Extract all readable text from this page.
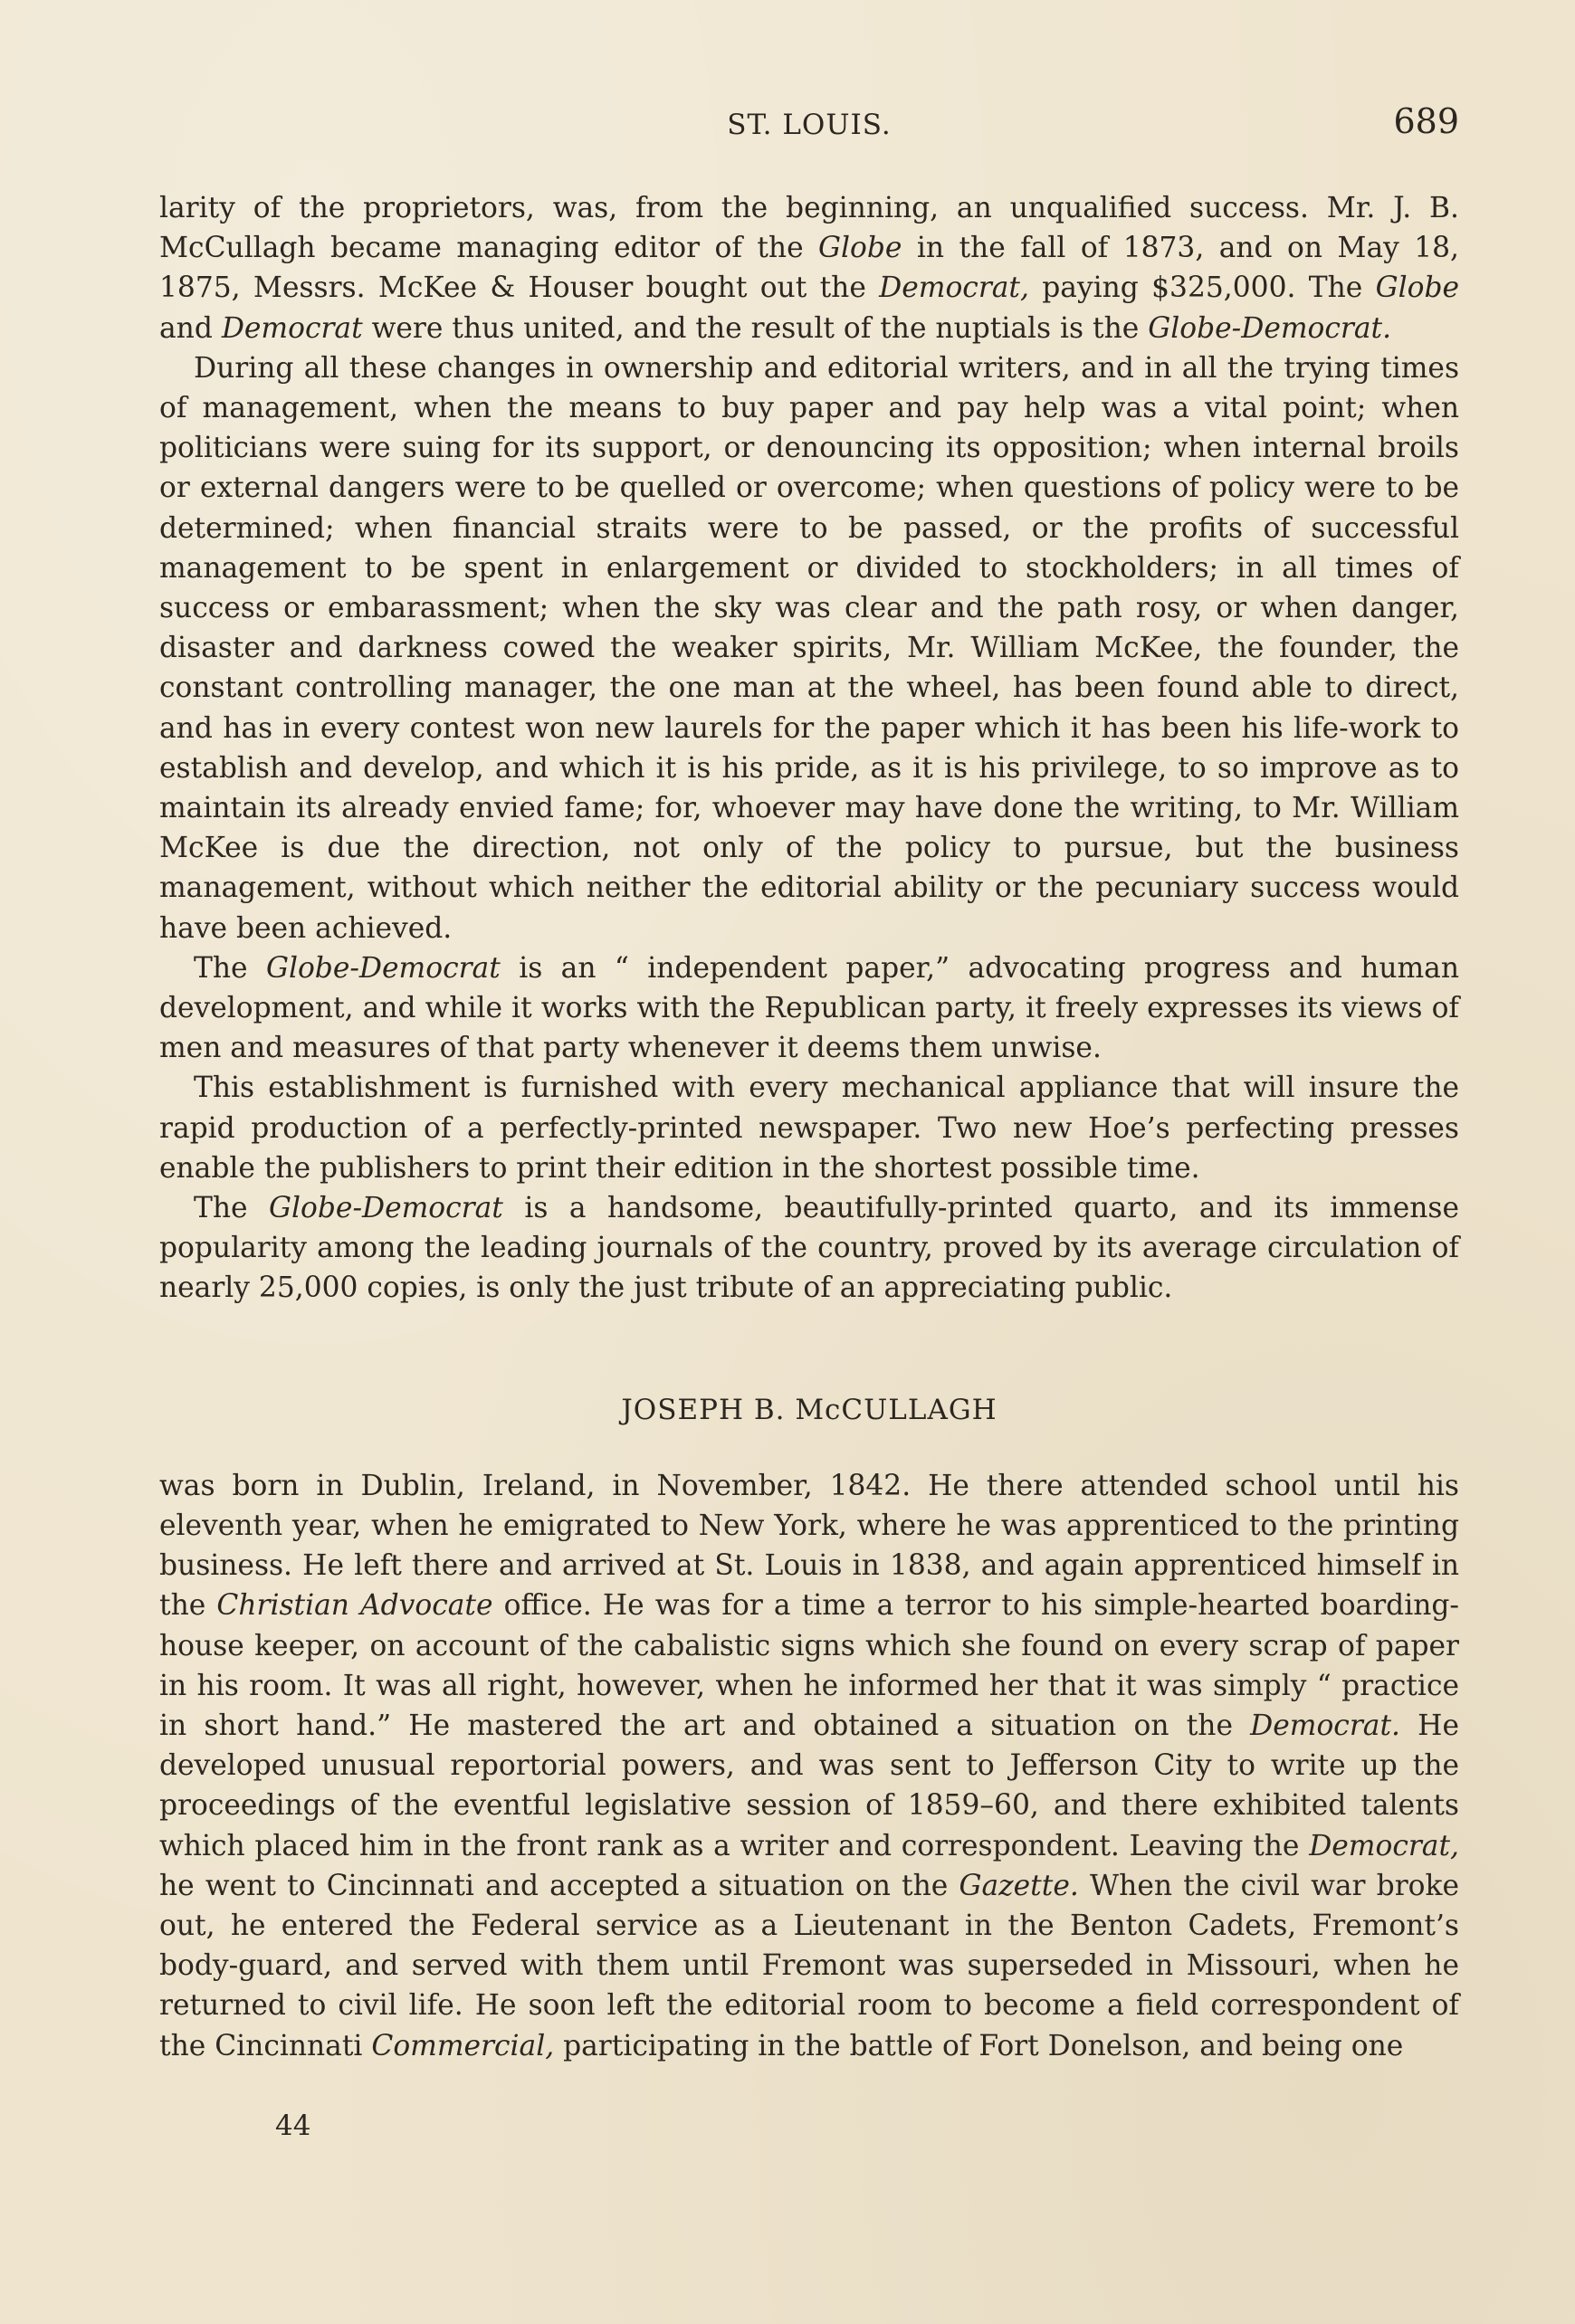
ST. LOUIS.	689

larity of the proprietors, was, from the beginning, an unqualified success. Mr. J. B. McCullagh became managing editor of the Globe in the fall of 1873, and on May 18, 1875, Messrs. McKee & Houser bought out the Democrat, paying $325,000. The Globe and Democrat were thus united, and the result of the nuptials is the Globe-Democrat.

During all these changes in ownership and editorial writers, and in all the trying times of management, when the means to buy paper and pay help was a vital point; when politicians were suing for its support, or denouncing its opposition; when internal broils or external dangers were to be quelled or overcome; when questions of policy were to be determined; when financial straits were to be passed, or the profits of successful management to be spent in enlargement or divided to stockholders; in all times of success or embarassment; when the sky was clear and the path rosy, or when danger, disaster and darkness cowed the weaker spirits, Mr. William McKee, the founder, the constant controlling manager, the one man at the wheel, has been found able to direct, and has in every contest won new laurels for the paper which it has been his life-work to establish and develop, and which it is his pride, as it is his privilege, to so improve as to maintain its already envied fame; for, whoever may have done the writing, to Mr. William McKee is due the direction, not only of the policy to pursue, but the business management, without which neither the editorial ability or the pecuniary success would have been achieved.

The Globe-Democrat is an “ independent paper,” advocating progress and human development, and while it works with the Republican party, it freely expresses its views of men and measures of that party whenever it deems them unwise.

This establishment is furnished with every mechanical appliance that will insure the rapid production of a perfectly-printed newspaper. Two new Hoe’s perfecting presses enable the publishers to print their edition in the shortest possible time.

The Globe-Democrat is a handsome, beautifully-printed quarto, and its immense popularity among the leading journals of the country, proved by its average circulation of nearly 25,000 copies, is only the just tribute of an appreciating public.

JOSEPH B. McCULLAGH

was born in Dublin, Ireland, in November, 1842. He there attended school until his eleventh year, when he emigrated to New York, where he was apprenticed to the printing business. He left there and arrived at St. Louis in 1838, and again apprenticed himself in the Christian Advocate office. He was for a time a terror to his simple-hearted boarding-house keeper, on account of the cabalistic signs which she found on every scrap of paper in his room. It was all right, however, when he informed her that it was simply “ practice in short hand.” He mastered the art and obtained a situation on the Democrat. He developed unusual reportorial powers, and was sent to Jefferson City to write up the proceedings of the eventful legislative session of 1859–60, and there exhibited talents which placed him in the front rank as a writer and correspondent. Leaving the Democrat, he went to Cincinnati and accepted a situation on the Gazette. When the civil war broke out, he entered the Federal service as a Lieutenant in the Benton Cadets, Fremont’s body-guard, and served with them until Fremont was superseded in Missouri, when he returned to civil life. He soon left the editorial room to become a field correspondent of the Cincinnati Commercial, participating in the battle of Fort Donelson, and being one

44
